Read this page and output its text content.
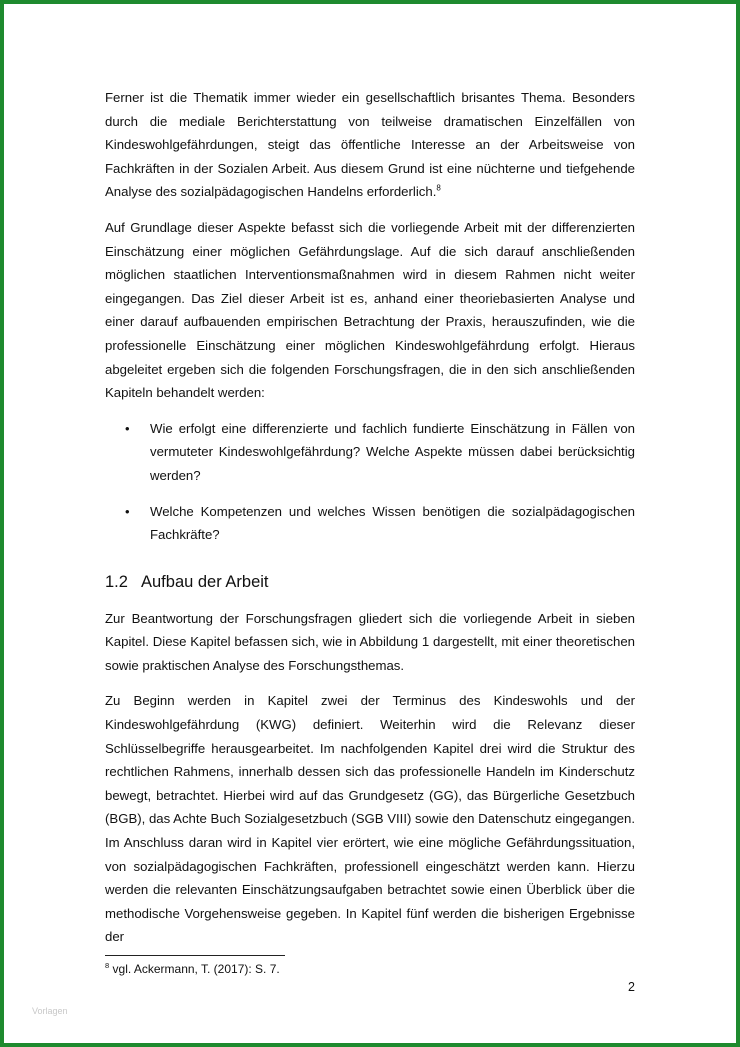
Ferner ist die Thematik immer wieder ein gesellschaftlich brisantes Thema. Besonders durch die mediale Berichterstattung von teilweise dramatischen Einzelfällen von Kindeswohlgefährdungen, steigt das öffentliche Interesse an der Arbeitsweise von Fachkräften in der Sozialen Arbeit. Aus diesem Grund ist eine nüchterne und tiefgehende Analyse des sozialpädagogischen Handelns erforderlich.$^8$

Auf Grundlage dieser Aspekte befasst sich die vorliegende Arbeit mit der differenzierten Einschätzung einer möglichen Gefährdungslage. Auf die sich darauf anschließenden möglichen staatlichen Interventionsmaßnahmen wird in diesem Rahmen nicht weiter eingegangen. Das Ziel dieser Arbeit ist es, anhand einer theoriebasierten Analyse und einer darauf aufbauenden empirischen Betrachtung der Praxis, herauszufinden, wie die professionelle Einschätzung einer möglichen Kindeswohlgefährdung erfolgt. Hieraus abgeleitet ergeben sich die folgenden Forschungsfragen, die in den sich anschließenden Kapiteln behandelt werden:

• Wie erfolgt eine differenzierte und fachlich fundierte Einschätzung in Fällen von vermuteter Kindeswohlgefährdung? Welche Aspekte müssen dabei berücksichtig werden?

• Welche Kompetenzen und welches Wissen benötigen die sozialpädagogischen Fachkräfte?

1.2 Aufbau der Arbeit

Zur Beantwortung der Forschungsfragen gliedert sich die vorliegende Arbeit in sieben Kapitel. Diese Kapitel befassen sich, wie in Abbildung 1 dargestellt, mit einer theoretischen sowie praktischen Analyse des Forschungsthemas.

Zu Beginn werden in Kapitel zwei der Terminus des Kindeswohls und der Kindeswohlgefährdung (KWG) definiert. Weiterhin wird die Relevanz dieser Schlüsselbegriffe herausgearbeitet. Im nachfolgenden Kapitel drei wird die Struktur des rechtlichen Rahmens, innerhalb dessen sich das professionelle Handeln im Kinderschutz bewegt, betrachtet. Hierbei wird auf das Grundgesetz (GG), das Bürgerliche Gesetzbuch (BGB), das Achte Buch Sozialgesetzbuch (SGB VIII) sowie den Datenschutz eingegangen. Im Anschluss daran wird in Kapitel vier erörtert, wie eine mögliche Gefährdungssituation, von sozialpädagogischen Fachkräften, professionell eingeschätzt werden kann. Hierzu werden die relevanten Einschätzungsaufgaben betrachtet sowie einen Überblick über die methodische Vorgehensweise gegeben. In Kapitel fünf werden die bisherigen Ergebnisse der

$^8$ vgl. Ackermann, T. (2017): S. 7.
2
Vorlagen
